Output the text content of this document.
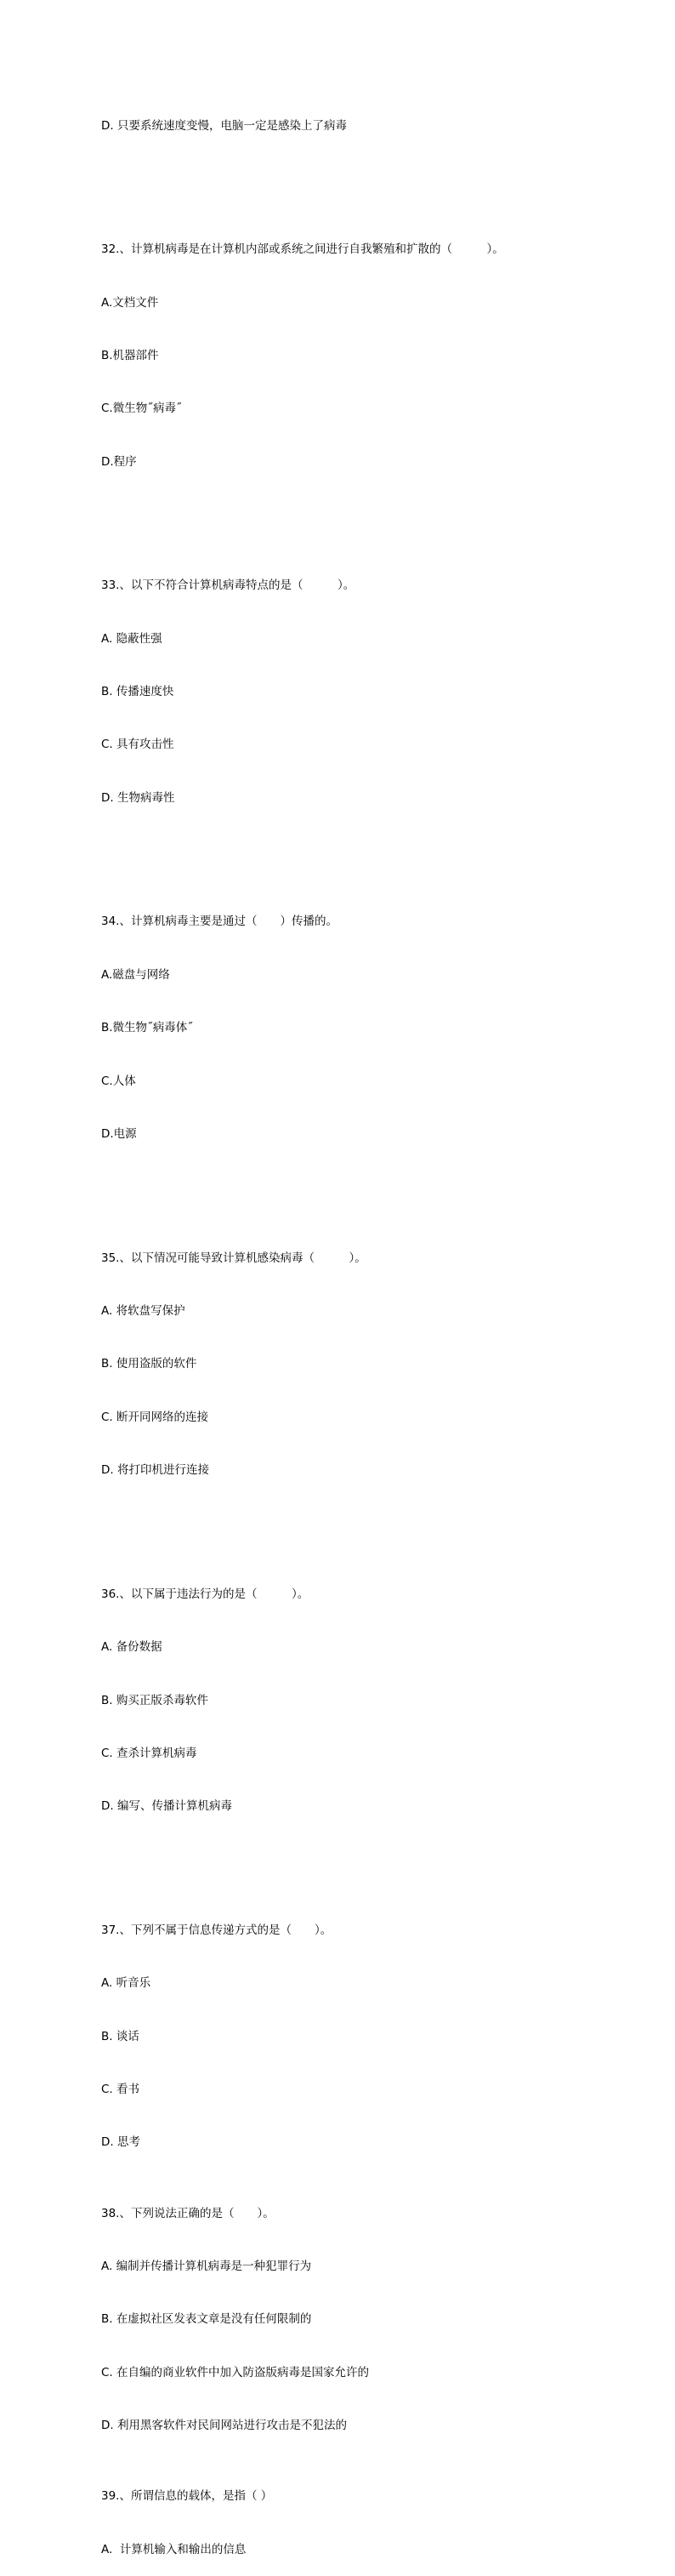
D. 只要系统速度变慢，电脑一定是感染上了病毒

32.、计算机病毒是在计算机内部或系统之间进行自我繁殖和扩散的（　　　）。

A.文档文件

B.机器部件

C.微生物˝病毒˝

D.程序

33.、以下不符合计算机病毒特点的是（　　　）。

A. 隐蔽性强

B. 传播速度快

C. 具有攻击性

D. 生物病毒性

34.、计算机病毒主要是通过（　　）传播的。

A.磁盘与网络

B.微生物˝病毒体˝

C.人体

D.电源

35.、以下情况可能导致计算机感染病毒（　　　）。

A. 将软盘写保护

B. 使用盗版的软件

C. 断开同网络的连接

D. 将打印机进行连接

36.、以下属于违法行为的是（　　　）。

A. 备份数据

B. 购买正版杀毒软件

C. 查杀计算机病毒

D. 编写、传播计算机病毒

37.、下列不属于信息传递方式的是（　　）。

A. 听音乐

B. 谈话

C. 看书

D. 思考

38.、下列说法正确的是（　　）。

A. 编制并传播计算机病毒是一种犯罪行为

B. 在虚拟社区发表文章是没有任何限制的

C. 在自编的商业软件中加入防盗版病毒是国家允许的

D. 利用黑客软件对民间网站进行攻击是不犯法的

39.、所谓信息的载体，是指（ ）

A.  计算机输入和输出的信息
